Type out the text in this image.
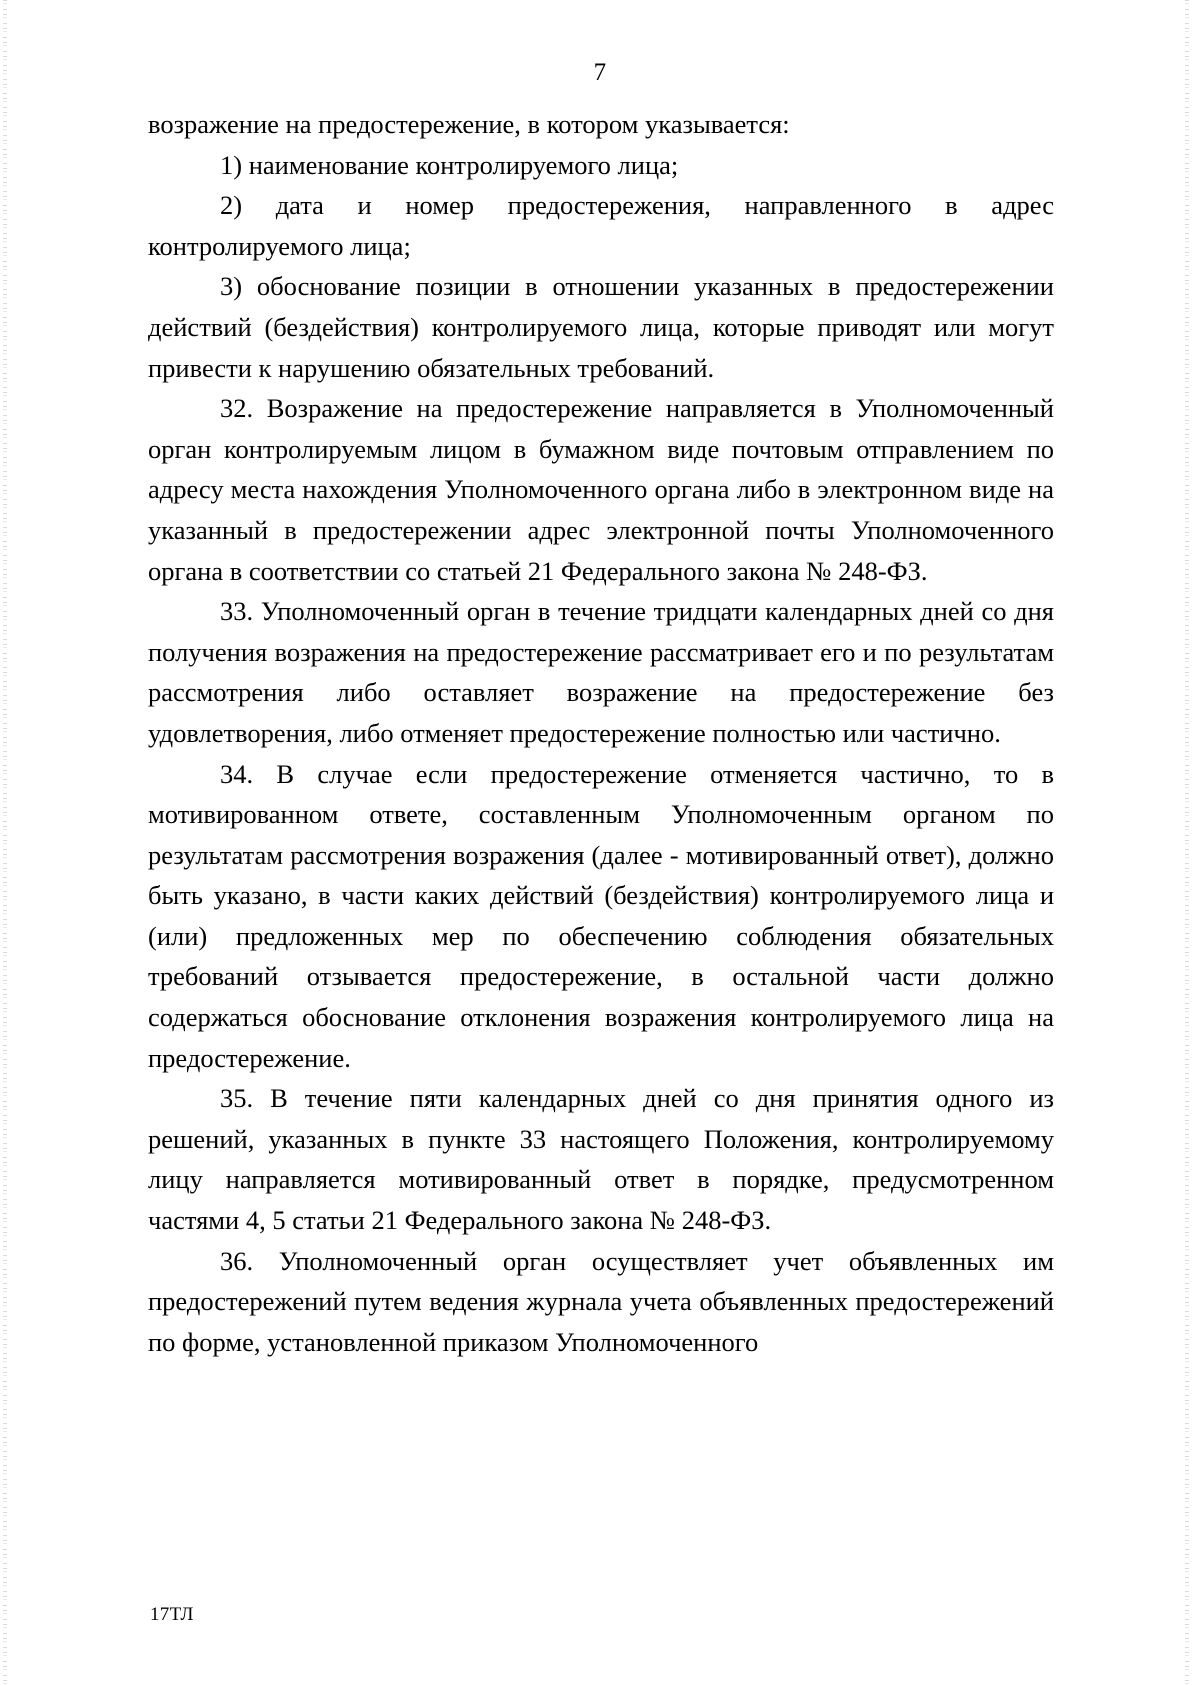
7

возражение на предостережение, в котором указывается:

1) наименование контролируемого лица;

2) дата и номер предостережения, направленного в адрес контролируемого лица;

3) обоснование позиции в отношении указанных в предостережении действий (бездействия) контролируемого лица, которые приводят или могут привести к нарушению обязательных требований.

32. Возражение на предостережение направляется в Уполномоченный орган контролируемым лицом в бумажном виде почтовым отправлением по адресу места нахождения Уполномоченного органа либо в электронном виде на указанный в предостережении адрес электронной почты Уполномоченного органа в соответствии со статьей 21 Федерального закона № 248-ФЗ.

33. Уполномоченный орган в течение тридцати календарных дней со дня получения возражения на предостережение рассматривает его и по результатам рассмотрения либо оставляет возражение на предостережение без удовлетворения, либо отменяет предостережение полностью или частично.

34. В случае если предостережение отменяется частично, то в мотивированном ответе, составленным Уполномоченным органом по результатам рассмотрения возражения (далее - мотивированный ответ), должно быть указано, в части каких действий (бездействия) контролируемого лица и (или) предложенных мер по обеспечению соблюдения обязательных требований отзывается предостережение, в остальной части должно содержаться обоснование отклонения возражения контролируемого лица на предостережение.

35. В течение пяти календарных дней со дня принятия одного из решений, указанных в пункте 33 настоящего Положения, контролируемому лицу направляется мотивированный ответ в порядке, предусмотренном частями 4, 5 статьи 21 Федерального закона № 248-ФЗ.

36. Уполномоченный орган осуществляет учет объявленных им предостережений путем ведения журнала учета объявленных предостережений по форме, установленной приказом Уполномоченного

17ТЛ
